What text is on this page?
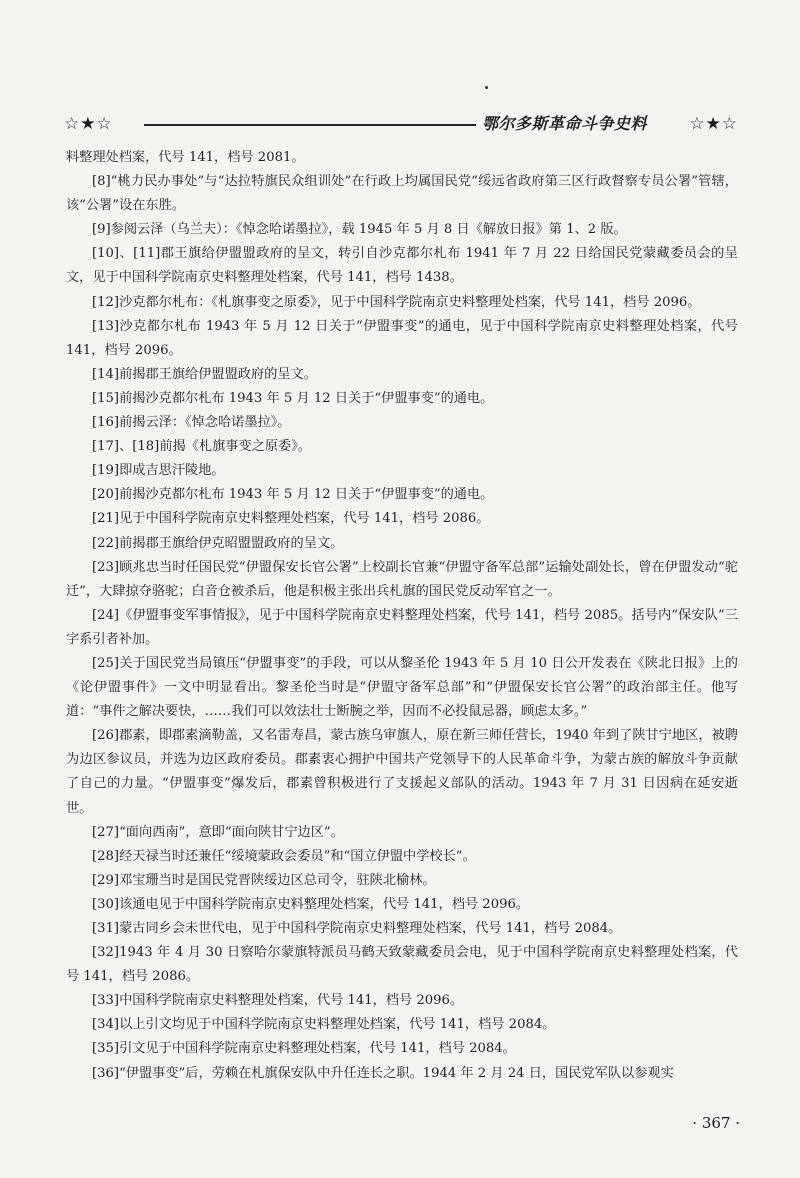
☆★☆	鄂尔多斯革命斗争史料 ☆★☆

料整理处档案，代号 141，档号 2081。

[8]“桃力民办事处”与“达拉特旗民众组训处”在行政上均属国民党“绥远省政府第三区行政督察专员公署”管辖，该“公署”设在东胜。

[9]参阅云泽（乌兰夫）：《悼念哈诺墨拉》，载 1945 年 5 月 8 日《解放日报》第 1、2 版。

[10]、[11]郡王旗给伊盟盟政府的呈文，转引自沙克都尔札布 1941 年 7 月 22 日给国民党蒙藏委员会的呈文，见于中国科学院南京史料整理处档案，代号 141，档号 1438。

[12]沙克都尔札布：《札旗事变之原委》，见于中国科学院南京史料整理处档案，代号 141，档号 2096。

[13]沙克都尔札布 1943 年 5 月 12 日关于“伊盟事变”的通电，见于中国科学院南京史料整理处档案，代号 141，档号 2096。

[14]前揭郡王旗给伊盟盟政府的呈文。

[15]前揭沙克都尔札布 1943 年 5 月 12 日关于“伊盟事变”的通电。

[16]前揭云泽：《悼念哈诺墨拉》。

[17]、[18]前揭《札旗事变之原委》。

[19]即成吉思汗陵地。

[20]前揭沙克都尔札布 1943 年 5 月 12 日关于“伊盟事变”的通电。

[21]见于中国科学院南京史料整理处档案，代号 141，档号 2086。

[22]前揭郡王旗给伊克昭盟盟政府的呈文。

[23]顾兆忠当时任国民党“伊盟保安长官公署”上校副长官兼“伊盟守备军总部”运输处副处长，曾在伊盟发动“驼迁”，大肆掠夺骆驼；白音仓被杀后，他是积极主张出兵札旗的国民党反动军官之一。

[24]《伊盟事变军事情报》，见于中国科学院南京史料整理处档案，代号 141，档号 2085。括号内“保安队”三字系引者补加。

[25]关于国民党当局镇压“伊盟事变”的手段，可以从黎圣伦 1943 年 5 月 10 日公开发表在《陕北日报》上的《论伊盟事件》一文中明显看出。黎圣伦当时是“伊盟守备军总部”和“伊盟保安长官公署”的政治部主任。他写道：“事件之解决要快，……我们可以效法壮士断腕之举，因而不必投鼠忌器，顾虑太多。”

[26]郡素，即郡素滴勒盖，又名雷寿昌，蒙古族乌审旗人，原在新三师任营长，1940 年到了陕甘宁地区，被聘为边区参议员，并选为边区政府委员。郡素衷心拥护中国共产党领导下的人民革命斗争，为蒙古族的解放斗争贡献了自己的力量。“伊盟事变”爆发后，郡素曾积极进行了支援起义部队的活动。1943 年 7 月 31 日因病在延安逝世。

[27]“面向西南”，意即“面向陕甘宁边区”。

[28]经天禄当时还兼任“绥境蒙政会委员”和“国立伊盟中学校长”。

[29]邓宝珊当时是国民党晋陕绥边区总司令，驻陕北榆林。

[30]该通电见于中国科学院南京史料整理处档案，代号 141，档号 2096。

[31]蒙古同乡会未世代电，见于中国科学院南京史料整理处档案，代号 141，档号 2084。

[32]1943 年 4 月 30 日察哈尔蒙旗特派员马鹤天致蒙藏委员会电，见于中国科学院南京史料整理处档案，代号 141，档号 2086。

[33]中国科学院南京史料整理处档案，代号 141，档号 2096。

[34]以上引文均见于中国科学院南京史料整理处档案，代号 141，档号 2084。

[35]引文见于中国科学院南京史料整理处档案，代号 141，档号 2084。

[36]“伊盟事变”后，劳赖在札旗保安队中升任连长之职。1944 年 2 月 24 日，国民党军队以参观实

· 367 ·
